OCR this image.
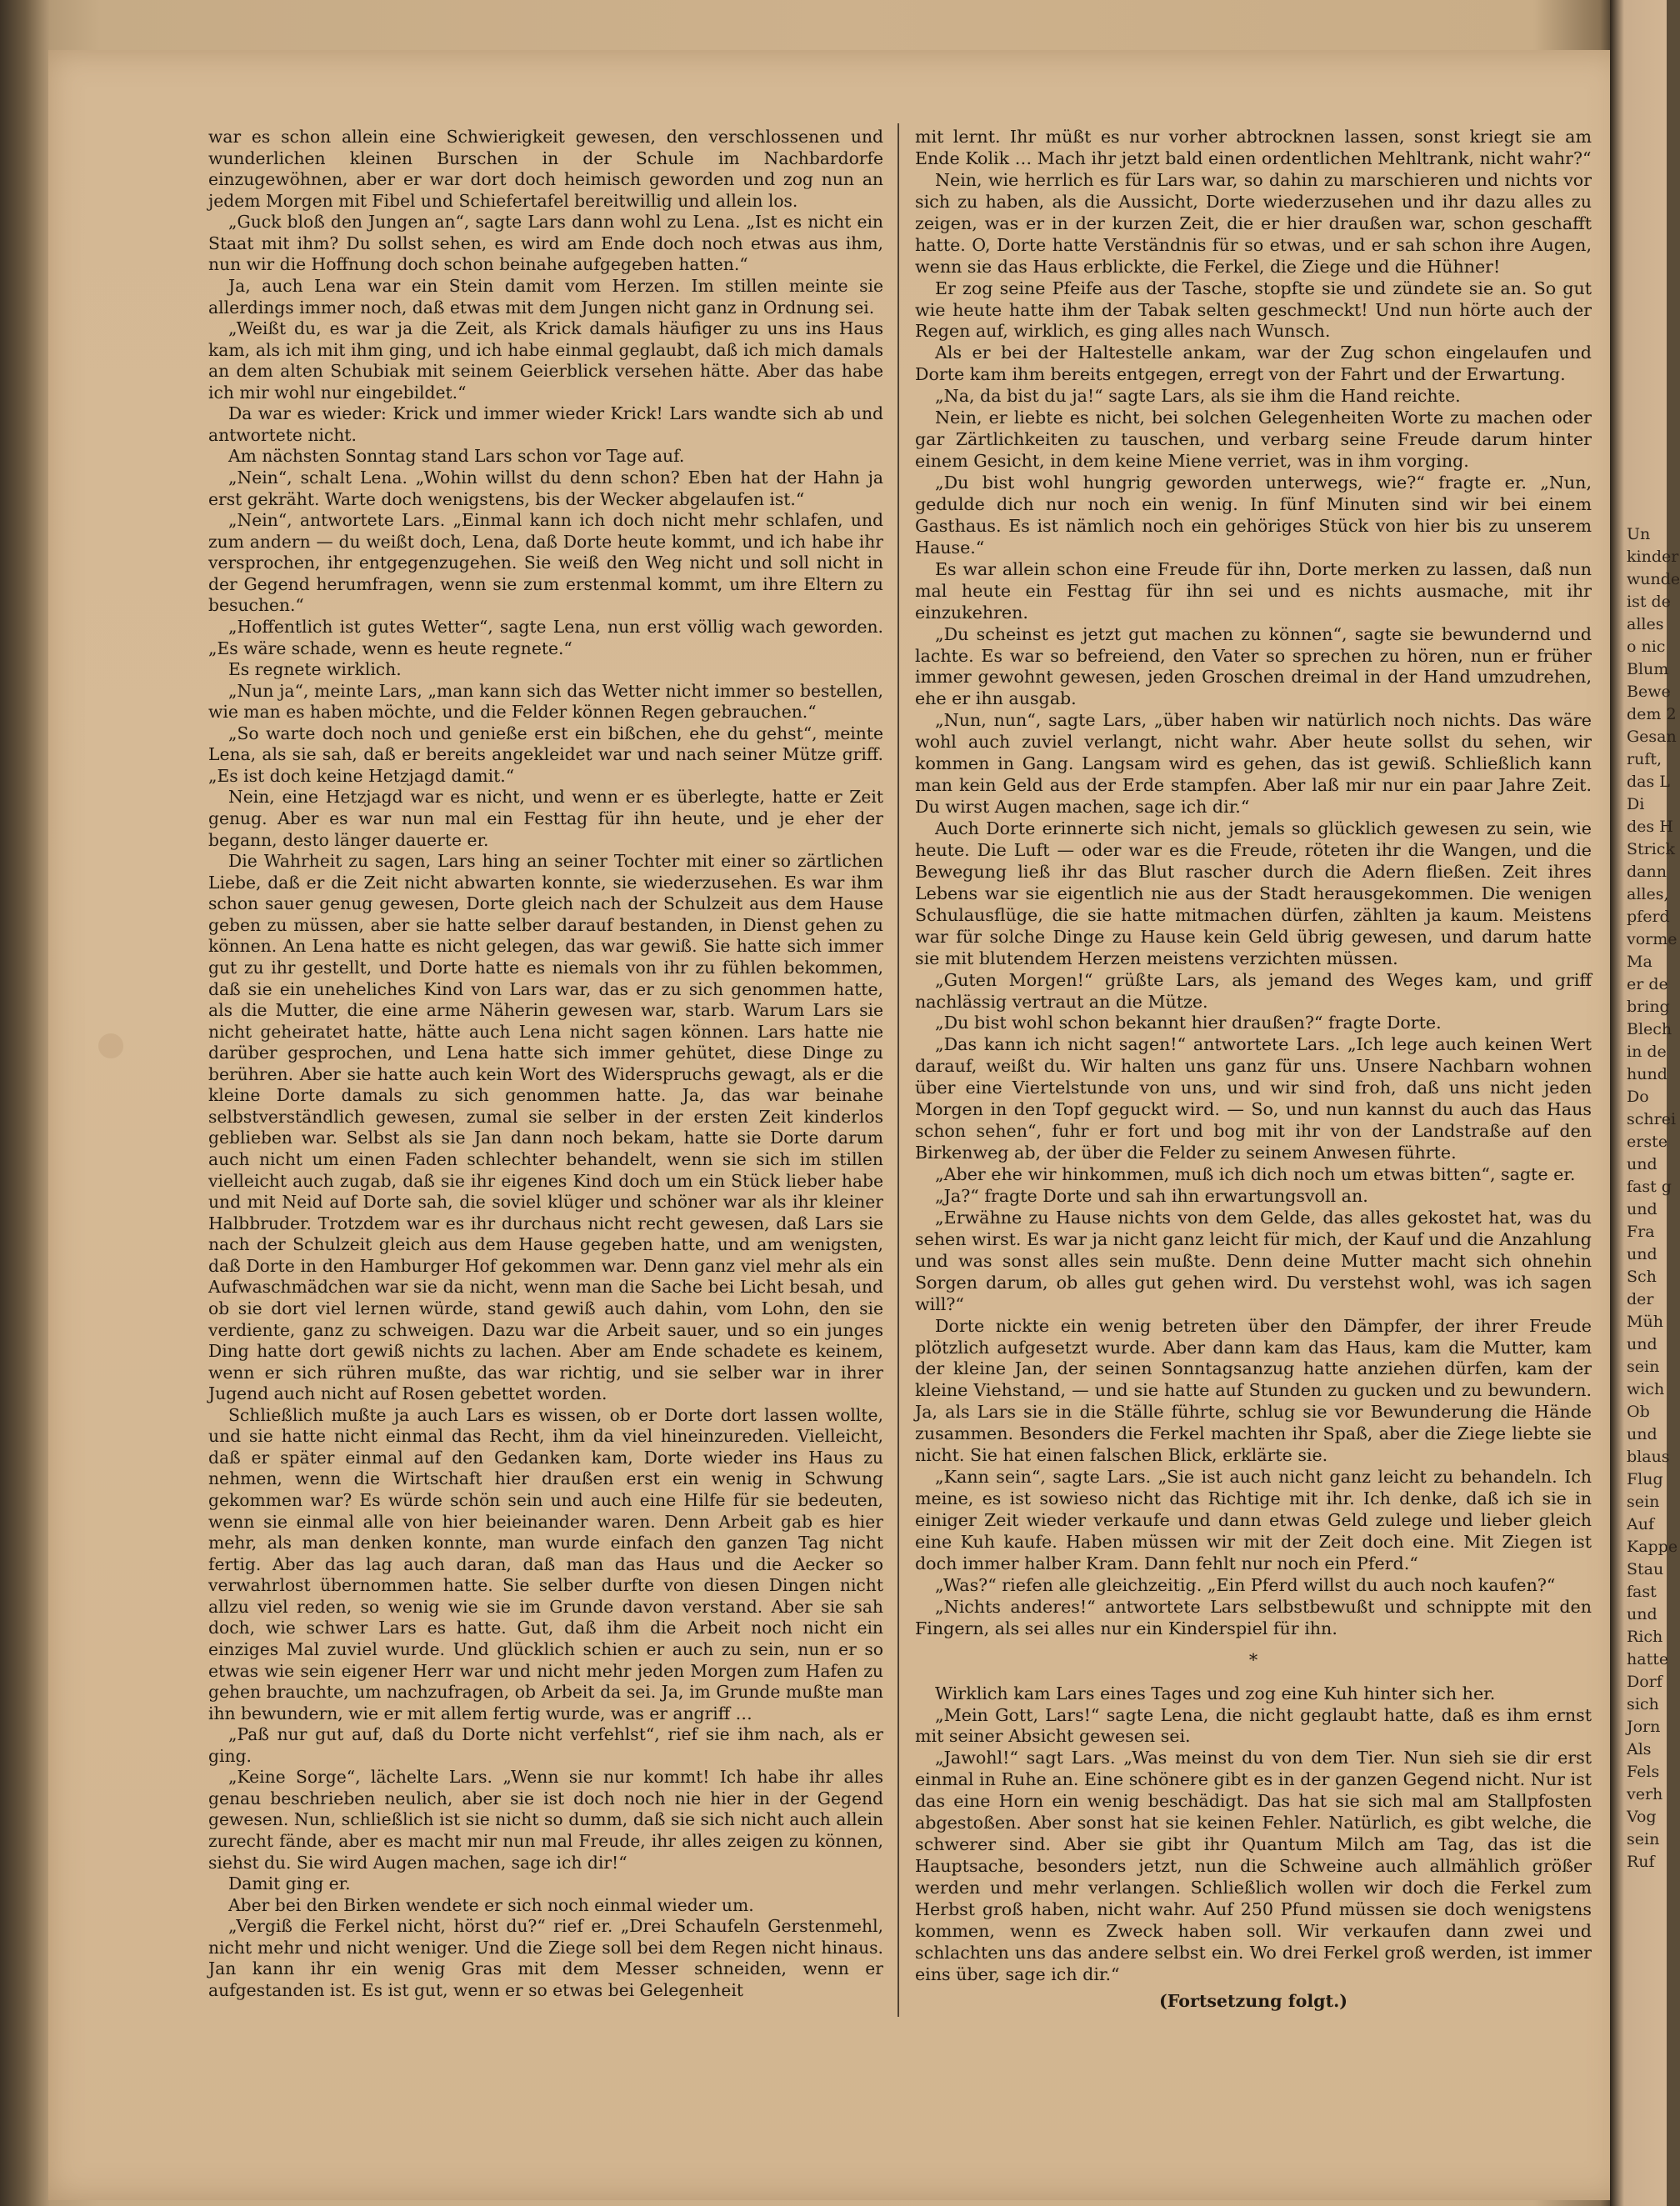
Un
kinder
wunde
ist de
alles
o nic
Blum
Bewe
dem 2
Gesan
ruft,
das L
Di
des H
Strick
dann
alles,
pferd
vorme
Ma
er de
bring
Blech
in de
hund
Do
schrei
erste
und
fast g
und
Fra
und
Sch
der
Müh
und
sein
wich
Ob
und
blaus
Flug
sein
Auf
Kappe
Stau
fast
und
Rich
hatte
Dorf
sich
Jorn
Als
Fels
verh
Vog
sein
Ruf

war es schon allein eine Schwierigkeit gewesen, den verschlossenen und wunderlichen kleinen Burschen in der Schule im Nachbardorfe einzugewöhnen, aber er war dort doch heimisch geworden und zog nun an jedem Morgen mit Fibel und Schiefertafel bereitwillig und allein los.

„Guck bloß den Jungen an“, sagte Lars dann wohl zu Lena. „Ist es nicht ein Staat mit ihm? Du sollst sehen, es wird am Ende doch noch etwas aus ihm, nun wir die Hoffnung doch schon beinahe aufgegeben hatten.“

Ja, auch Lena war ein Stein damit vom Herzen. Im stillen meinte sie allerdings immer noch, daß etwas mit dem Jungen nicht ganz in Ordnung sei.

„Weißt du, es war ja die Zeit, als Krick damals häufiger zu uns ins Haus kam, als ich mit ihm ging, und ich habe einmal geglaubt, daß ich mich damals an dem alten Schubiak mit seinem Geierblick versehen hätte. Aber das habe ich mir wohl nur eingebildet.“

Da war es wieder: Krick und immer wieder Krick! Lars wandte sich ab und antwortete nicht.

Am nächsten Sonntag stand Lars schon vor Tage auf.

„Nein“, schalt Lena. „Wohin willst du denn schon? Eben hat der Hahn ja erst gekräht. Warte doch wenigstens, bis der Wecker abgelaufen ist.“

„Nein“, antwortete Lars. „Einmal kann ich doch nicht mehr schlafen, und zum andern — du weißt doch, Lena, daß Dorte heute kommt, und ich habe ihr versprochen, ihr entgegenzugehen. Sie weiß den Weg nicht und soll nicht in der Gegend herumfragen, wenn sie zum erstenmal kommt, um ihre Eltern zu besuchen.“

„Hoffentlich ist gutes Wetter“, sagte Lena, nun erst völlig wach geworden. „Es wäre schade, wenn es heute regnete.“

Es regnete wirklich.

„Nun ja“, meinte Lars, „man kann sich das Wetter nicht immer so bestellen, wie man es haben möchte, und die Felder können Regen gebrauchen.“

„So warte doch noch und genieße erst ein bißchen, ehe du gehst“, meinte Lena, als sie sah, daß er bereits angekleidet war und nach seiner Mütze griff. „Es ist doch keine Hetzjagd damit.“

Nein, eine Hetzjagd war es nicht, und wenn er es überlegte, hatte er Zeit genug. Aber es war nun mal ein Festtag für ihn heute, und je eher der begann, desto länger dauerte er.

Die Wahrheit zu sagen, Lars hing an seiner Tochter mit einer so zärtlichen Liebe, daß er die Zeit nicht abwarten konnte, sie wiederzusehen. Es war ihm schon sauer genug gewesen, Dorte gleich nach der Schulzeit aus dem Hause geben zu müssen, aber sie hatte selber darauf bestanden, in Dienst gehen zu können. An Lena hatte es nicht gelegen, das war gewiß. Sie hatte sich immer gut zu ihr gestellt, und Dorte hatte es niemals von ihr zu fühlen bekommen, daß sie ein uneheliches Kind von Lars war, das er zu sich genommen hatte, als die Mutter, die eine arme Näherin gewesen war, starb. Warum Lars sie nicht geheiratet hatte, hätte auch Lena nicht sagen können. Lars hatte nie darüber gesprochen, und Lena hatte sich immer gehütet, diese Dinge zu berühren. Aber sie hatte auch kein Wort des Widerspruchs gewagt, als er die kleine Dorte damals zu sich genommen hatte. Ja, das war beinahe selbstverständlich gewesen, zumal sie selber in der ersten Zeit kinderlos geblieben war. Selbst als sie Jan dann noch bekam, hatte sie Dorte darum auch nicht um einen Faden schlechter behandelt, wenn sie sich im stillen vielleicht auch zugab, daß sie ihr eigenes Kind doch um ein Stück lieber habe und mit Neid auf Dorte sah, die soviel klüger und schöner war als ihr kleiner Halbbruder. Trotzdem war es ihr durchaus nicht recht gewesen, daß Lars sie nach der Schulzeit gleich aus dem Hause gegeben hatte, und am wenigsten, daß Dorte in den Hamburger Hof gekommen war. Denn ganz viel mehr als ein Aufwaschmädchen war sie da nicht, wenn man die Sache bei Licht besah, und ob sie dort viel lernen würde, stand gewiß auch dahin, vom Lohn, den sie verdiente, ganz zu schweigen. Dazu war die Arbeit sauer, und so ein junges Ding hatte dort gewiß nichts zu lachen. Aber am Ende schadete es keinem, wenn er sich rühren mußte, das war richtig, und sie selber war in ihrer Jugend auch nicht auf Rosen gebettet worden.

Schließlich mußte ja auch Lars es wissen, ob er Dorte dort lassen wollte, und sie hatte nicht einmal das Recht, ihm da viel hineinzureden. Vielleicht, daß er später einmal auf den Gedanken kam, Dorte wieder ins Haus zu nehmen, wenn die Wirtschaft hier draußen erst ein wenig in Schwung gekommen war? Es würde schön sein und auch eine Hilfe für sie bedeuten, wenn sie einmal alle von hier beieinander waren. Denn Arbeit gab es hier mehr, als man denken konnte, man wurde einfach den ganzen Tag nicht fertig. Aber das lag auch daran, daß man das Haus und die Aecker so verwahrlost übernommen hatte. Sie selber durfte von diesen Dingen nicht allzu viel reden, so wenig wie sie im Grunde davon verstand. Aber sie sah doch, wie schwer Lars es hatte. Gut, daß ihm die Arbeit noch nicht ein einziges Mal zuviel wurde. Und glücklich schien er auch zu sein, nun er so etwas wie sein eigener Herr war und nicht mehr jeden Morgen zum Hafen zu gehen brauchte, um nachzufragen, ob Arbeit da sei. Ja, im Grunde mußte man ihn bewundern, wie er mit allem fertig wurde, was er angriff …

„Paß nur gut auf, daß du Dorte nicht verfehlst“, rief sie ihm nach, als er ging.

„Keine Sorge“, lächelte Lars. „Wenn sie nur kommt! Ich habe ihr alles genau beschrieben neulich, aber sie ist doch noch nie hier in der Gegend gewesen. Nun, schließlich ist sie nicht so dumm, daß sie sich nicht auch allein zurecht fände, aber es macht mir nun mal Freude, ihr alles zeigen zu können, siehst du. Sie wird Augen machen, sage ich dir!“

Damit ging er.

Aber bei den Birken wendete er sich noch einmal wieder um.

„Vergiß die Ferkel nicht, hörst du?“ rief er. „Drei Schaufeln Gerstenmehl, nicht mehr und nicht weniger. Und die Ziege soll bei dem Regen nicht hinaus. Jan kann ihr ein wenig Gras mit dem Messer schneiden, wenn er aufgestanden ist. Es ist gut, wenn er so etwas bei Gelegenheit

mit lernt. Ihr müßt es nur vorher abtrocknen lassen, sonst kriegt sie am Ende Kolik … Mach ihr jetzt bald einen ordentlichen Mehltrank, nicht wahr?“

Nein, wie herrlich es für Lars war, so dahin zu marschieren und nichts vor sich zu haben, als die Aussicht, Dorte wiederzusehen und ihr dazu alles zu zeigen, was er in der kurzen Zeit, die er hier draußen war, schon geschafft hatte. O, Dorte hatte Verständnis für so etwas, und er sah schon ihre Augen, wenn sie das Haus erblickte, die Ferkel, die Ziege und die Hühner!

Er zog seine Pfeife aus der Tasche, stopfte sie und zündete sie an. So gut wie heute hatte ihm der Tabak selten geschmeckt! Und nun hörte auch der Regen auf, wirklich, es ging alles nach Wunsch.

Als er bei der Haltestelle ankam, war der Zug schon eingelaufen und Dorte kam ihm bereits entgegen, erregt von der Fahrt und der Erwartung.

„Na, da bist du ja!“ sagte Lars, als sie ihm die Hand reichte.

Nein, er liebte es nicht, bei solchen Gelegenheiten Worte zu machen oder gar Zärtlichkeiten zu tauschen, und verbarg seine Freude darum hinter einem Gesicht, in dem keine Miene verriet, was in ihm vorging.

„Du bist wohl hungrig geworden unterwegs, wie?“ fragte er. „Nun, gedulde dich nur noch ein wenig. In fünf Minuten sind wir bei einem Gasthaus. Es ist nämlich noch ein gehöriges Stück von hier bis zu unserem Hause.“

Es war allein schon eine Freude für ihn, Dorte merken zu lassen, daß nun mal heute ein Festtag für ihn sei und es nichts ausmache, mit ihr einzukehren.

„Du scheinst es jetzt gut machen zu können“, sagte sie bewundernd und lachte. Es war so befreiend, den Vater so sprechen zu hören, nun er früher immer gewohnt gewesen, jeden Groschen dreimal in der Hand umzudrehen, ehe er ihn ausgab.

„Nun, nun“, sagte Lars, „über haben wir natürlich noch nichts. Das wäre wohl auch zuviel verlangt, nicht wahr. Aber heute sollst du sehen, wir kommen in Gang. Langsam wird es gehen, das ist gewiß. Schließlich kann man kein Geld aus der Erde stampfen. Aber laß mir nur ein paar Jahre Zeit. Du wirst Augen machen, sage ich dir.“

Auch Dorte erinnerte sich nicht, jemals so glücklich gewesen zu sein, wie heute. Die Luft — oder war es die Freude, röteten ihr die Wangen, und die Bewegung ließ ihr das Blut rascher durch die Adern fließen. Zeit ihres Lebens war sie eigentlich nie aus der Stadt herausgekommen. Die wenigen Schulausflüge, die sie hatte mitmachen dürfen, zählten ja kaum. Meistens war für solche Dinge zu Hause kein Geld übrig gewesen, und darum hatte sie mit blutendem Herzen meistens verzichten müssen.

„Guten Morgen!“ grüßte Lars, als jemand des Weges kam, und griff nachlässig vertraut an die Mütze.

„Du bist wohl schon bekannt hier draußen?“ fragte Dorte.

„Das kann ich nicht sagen!“ antwortete Lars. „Ich lege auch keinen Wert darauf, weißt du. Wir halten uns ganz für uns. Unsere Nachbarn wohnen über eine Viertelstunde von uns, und wir sind froh, daß uns nicht jeden Morgen in den Topf geguckt wird. — So, und nun kannst du auch das Haus schon sehen“, fuhr er fort und bog mit ihr von der Landstraße auf den Birkenweg ab, der über die Felder zu seinem Anwesen führte.

„Aber ehe wir hinkommen, muß ich dich noch um etwas bitten“, sagte er.

„Ja?“ fragte Dorte und sah ihn erwartungsvoll an.

„Erwähne zu Hause nichts von dem Gelde, das alles gekostet hat, was du sehen wirst. Es war ja nicht ganz leicht für mich, der Kauf und die Anzahlung und was sonst alles sein mußte. Denn deine Mutter macht sich ohnehin Sorgen darum, ob alles gut gehen wird. Du verstehst wohl, was ich sagen will?“

Dorte nickte ein wenig betreten über den Dämpfer, der ihrer Freude plötzlich aufgesetzt wurde. Aber dann kam das Haus, kam die Mutter, kam der kleine Jan, der seinen Sonntagsanzug hatte anziehen dürfen, kam der kleine Viehstand, — und sie hatte auf Stunden zu gucken und zu bewundern. Ja, als Lars sie in die Ställe führte, schlug sie vor Bewunderung die Hände zusammen. Besonders die Ferkel machten ihr Spaß, aber die Ziege liebte sie nicht. Sie hat einen falschen Blick, erklärte sie.

„Kann sein“, sagte Lars. „Sie ist auch nicht ganz leicht zu behandeln. Ich meine, es ist sowieso nicht das Richtige mit ihr. Ich denke, daß ich sie in einiger Zeit wieder verkaufe und dann etwas Geld zulege und lieber gleich eine Kuh kaufe. Haben müssen wir mit der Zeit doch eine. Mit Ziegen ist doch immer halber Kram. Dann fehlt nur noch ein Pferd.“

„Was?“ riefen alle gleichzeitig. „Ein Pferd willst du auch noch kaufen?“

„Nichts anderes!“ antwortete Lars selbstbewußt und schnippte mit den Fingern, als sei alles nur ein Kinderspiel für ihn.

*

Wirklich kam Lars eines Tages und zog eine Kuh hinter sich her.

„Mein Gott, Lars!“ sagte Lena, die nicht geglaubt hatte, daß es ihm ernst mit seiner Absicht gewesen sei.

„Jawohl!“ sagt Lars. „Was meinst du von dem Tier. Nun sieh sie dir erst einmal in Ruhe an. Eine schönere gibt es in der ganzen Gegend nicht. Nur ist das eine Horn ein wenig beschädigt. Das hat sie sich mal am Stallpfosten abgestoßen. Aber sonst hat sie keinen Fehler. Natürlich, es gibt welche, die schwerer sind. Aber sie gibt ihr Quantum Milch am Tag, das ist die Hauptsache, besonders jetzt, nun die Schweine auch allmählich größer werden und mehr verlangen. Schließlich wollen wir doch die Ferkel zum Herbst groß haben, nicht wahr. Auf 250 Pfund müssen sie doch wenigstens kommen, wenn es Zweck haben soll. Wir verkaufen dann zwei und schlachten uns das andere selbst ein. Wo drei Ferkel groß werden, ist immer eins über, sage ich dir.“

(Fortsetzung folgt.)
